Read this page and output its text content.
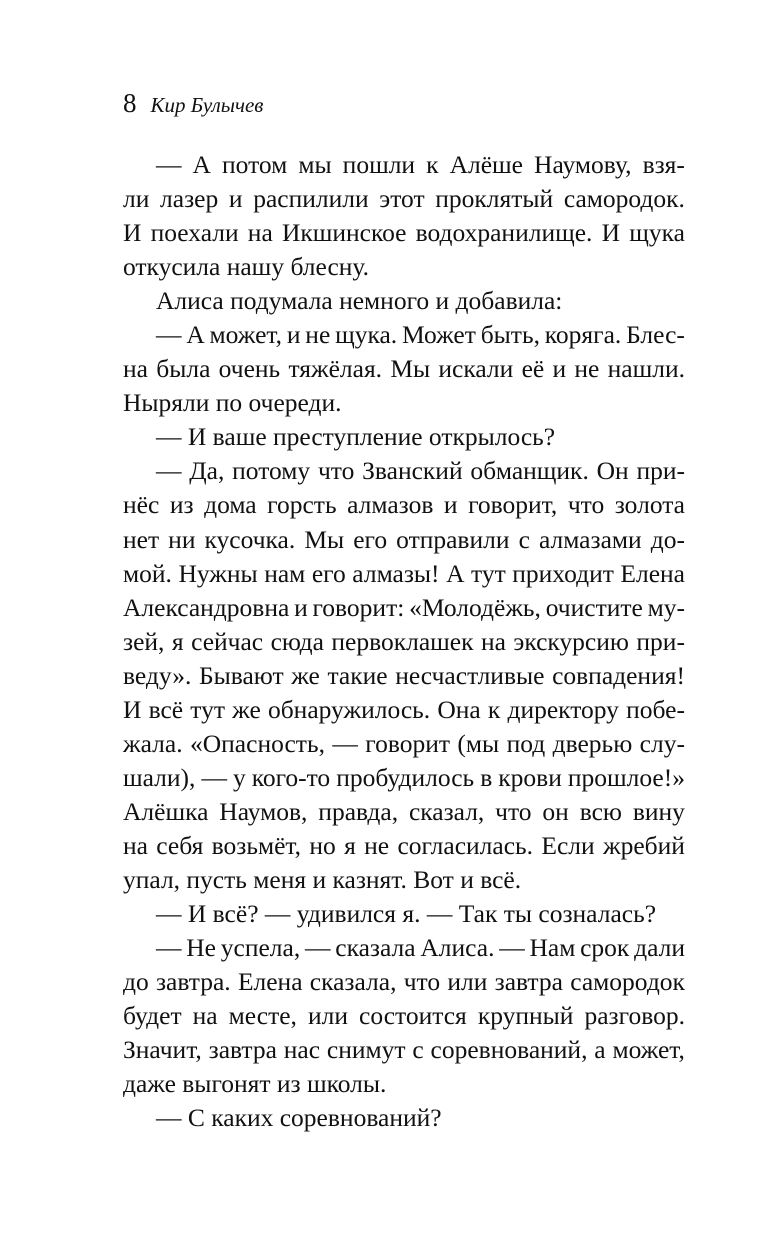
8 Кир Булычев
— А потом мы пошли к Алёше Наумову, взя-
ли лазер и распилили этот проклятый самородок.
И поехали на Икшинское водохранилище. И щука
откусила нашу блесну.
Алиса подумала немного и добавила:
— А может, и не щука. Может быть, коряга. Блес-
на была очень тяжёлая. Мы искали её и не нашли.
Ныряли по очереди.
— И ваше преступление открылось?
— Да, потому что Званский обманщик. Он при-
нёс из дома горсть алмазов и говорит, что золота
нет ни кусочка. Мы его отправили с алмазами до-
мой. Нужны нам его алмазы! А тут приходит Елена
Александровна и говорит: «Молодёжь, очистите му-
зей, я сейчас сюда первоклашек на экскурсию при-
веду». Бывают же такие несчастливые совпадения!
И всё тут же обнаружилось. Она к директору побе-
жала. «Опасность, — говорит (мы под дверью слу-
шали), — у кого-то пробудилось в крови прошлое!»
Алёшка Наумов, правда, сказал, что он всю вину
на себя возьмёт, но я не согласилась. Если жребий
упал, пусть меня и казнят. Вот и всё.
— И всё? — удивился я. — Так ты созналась?
— Не успела, — сказала Алиса. — Нам срок дали
до завтра. Елена сказала, что или завтра самородок
будет на месте, или состоится крупный разговор.
Значит, завтра нас снимут с соревнований, а может,
даже выгонят из школы.
— С каких соревнований?
